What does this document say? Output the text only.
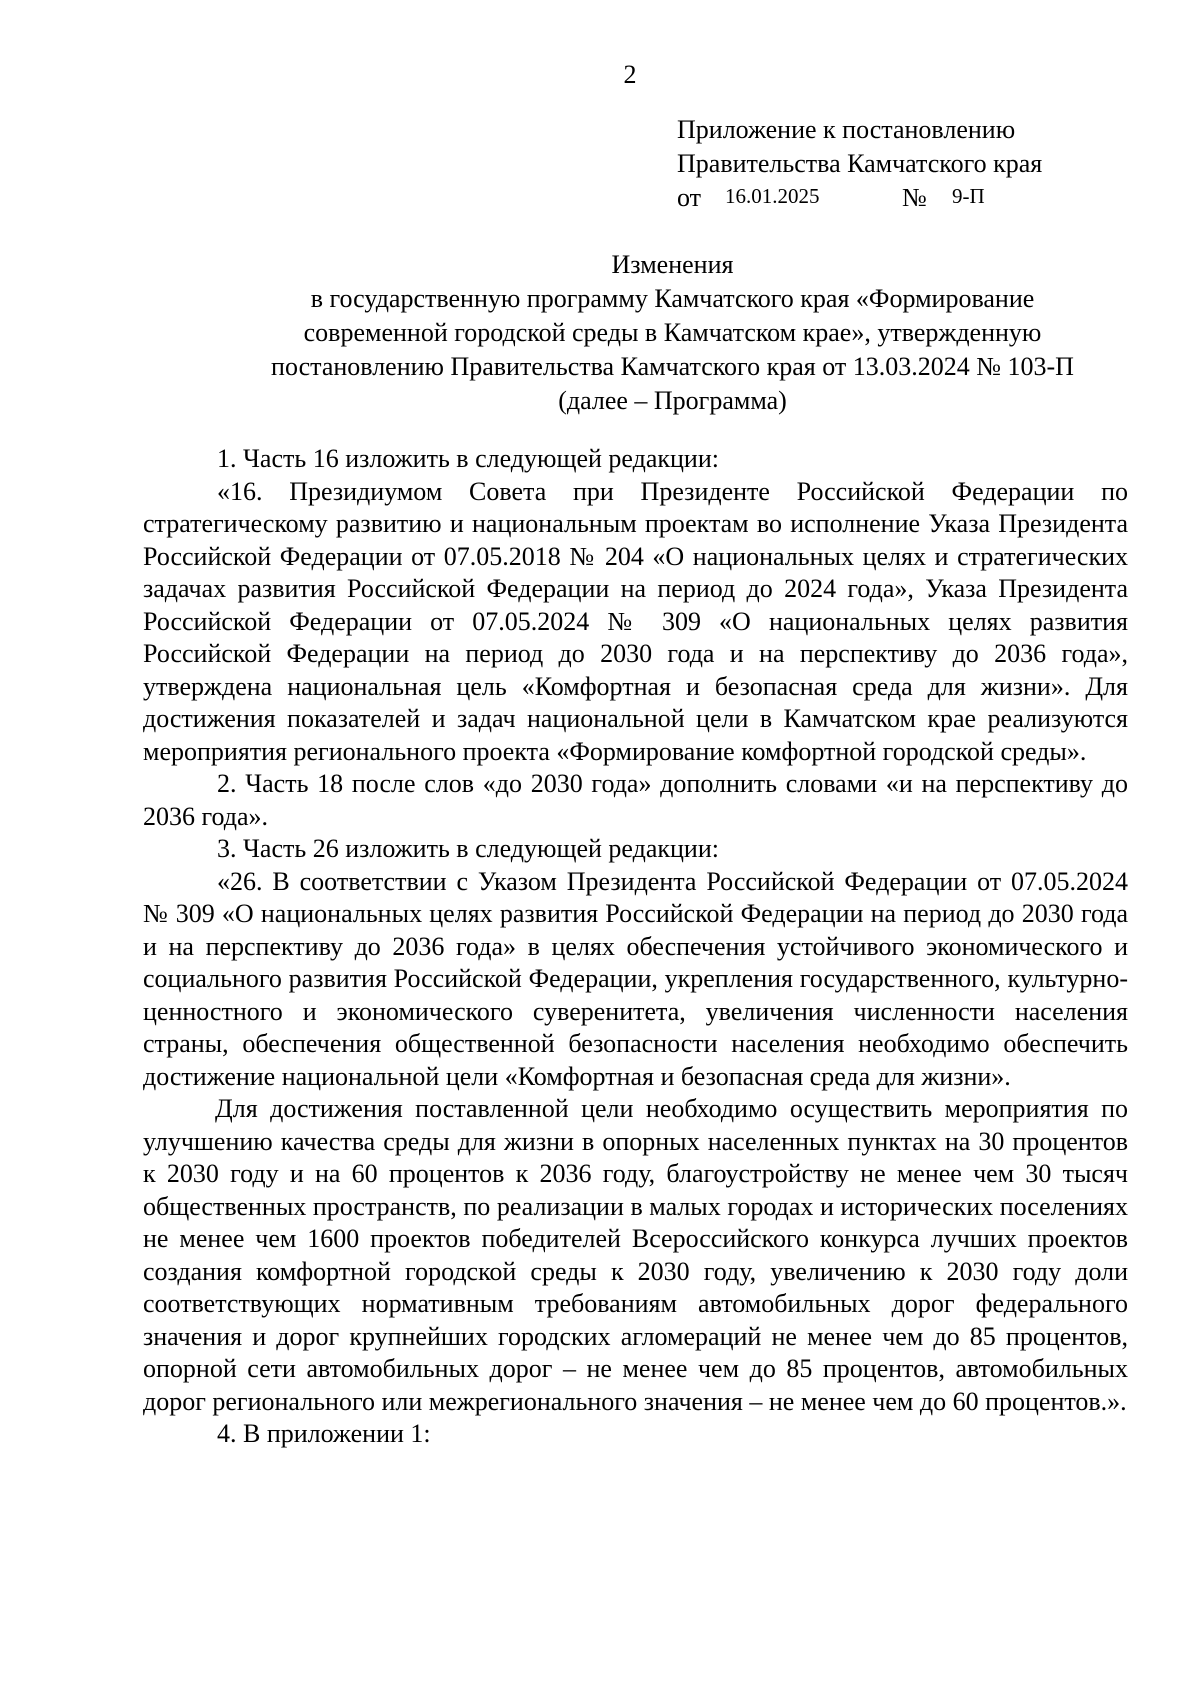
2
Приложение к постановлению
Правительства Камчатского края
от 16.01.2025	№ 9-П
Изменения
в государственную программу Камчатского края «Формирование
современной городской среды в Камчатском крае», утвержденную
постановлению Правительства Камчатского края от 13.03.2024 № 103-П
(далее – Программа)

1. Часть 16 изложить в следующей редакции:

«16. Президиумом Совета при Президенте Российской Федерации по стратегическому развитию и национальным проектам во исполнение Указа Президента Российской Федерации от 07.05.2018 № 204 «О национальных целях и стратегических задачах развития Российской Федерации на период до 2024 года», Указа Президента Российской Федерации от 07.05.2024 № 309 «О национальных целях развития Российской Федерации на период до 2030 года и на перспективу до 2036 года», утверждена национальная цель «Комфортная и безопасная среда для жизни». Для достижения показателей и задач национальной цели в Камчатском крае реализуются мероприятия регионального проекта «Формирование комфортной городской среды».

2. Часть 18 после слов «до 2030 года» дополнить словами «и на перспективу до 2036 года».

3. Часть 26 изложить в следующей редакции:

«26. В соответствии с Указом Президента Российской Федерации от 07.05.2024 № 309 «О национальных целях развития Российской Федерации на период до 2030 года и на перспективу до 2036 года» в целях обеспечения устойчивого экономического и социального развития Российской Федерации, укрепления государственного, культурно-ценностного и экономического суверенитета, увеличения численности населения страны, обеспечения общественной безопасности населения необходимо обеспечить достижение национальной цели «Комфортная и безопасная среда для жизни».

Для достижения поставленной цели необходимо осуществить мероприятия по улучшению качества среды для жизни в опорных населенных пунктах на 30 процентов к 2030 году и на 60 процентов к 2036 году, благоустройству не менее чем 30 тысяч общественных пространств, по реализации в малых городах и исторических поселениях не менее чем 1600 проектов победителей Всероссийского конкурса лучших проектов создания комфортной городской среды к 2030 году, увеличению к 2030 году доли соответствующих нормативным требованиям автомобильных дорог федерального значения и дорог крупнейших городских агломераций не менее чем до 85 процентов, опорной сети автомобильных дорог – не менее чем до 85 процентов, автомобильных дорог регионального или межрегионального значения – не менее чем до 60 процентов.».

4. В приложении 1:
